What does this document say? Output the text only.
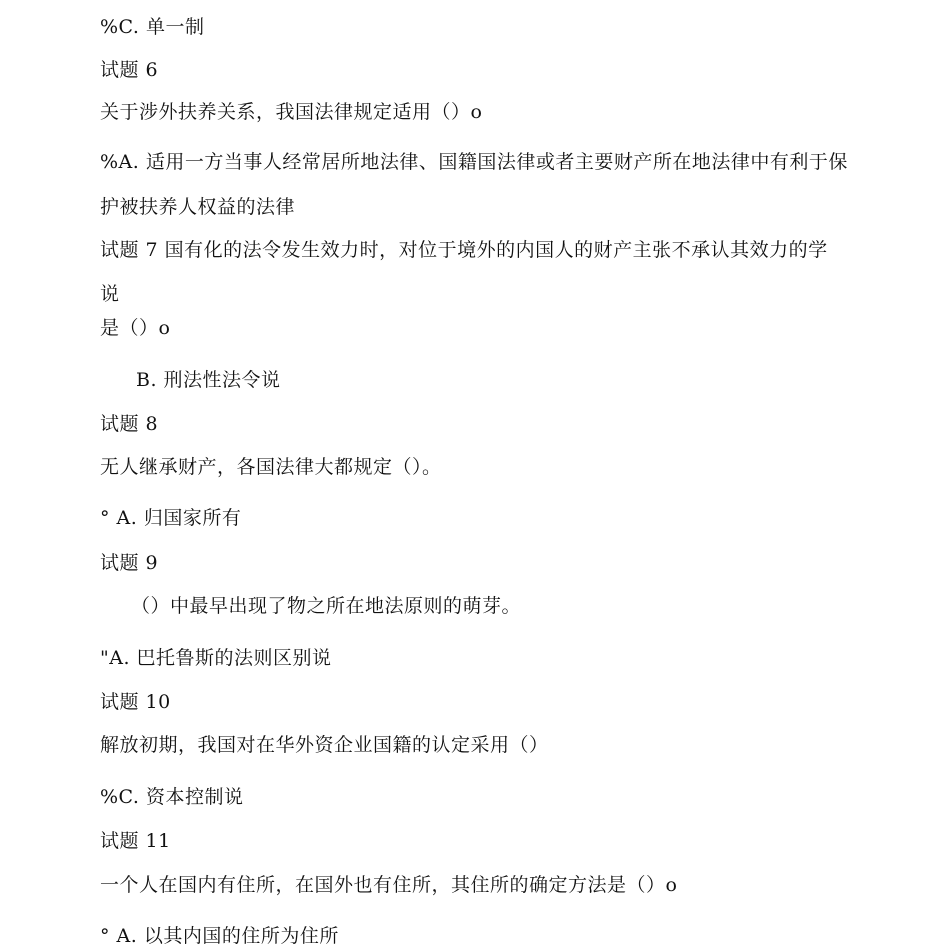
%C. 单一制
试题 6
关于涉外扶养关系，我国法律规定适用（）o
%A. 适用一方当事人经常居所地法律、国籍国法律或者主要财产所在地法律中有利于保
护被扶养人权益的法律
试题 7 国有化的法令发生效力时，对位于境外的内国人的财产主张不承认其效力的学
说
是（）o
B. 刑法性法令说
试题 8
无人继承财产，各国法律大都规定（）。
° A. 归国家所有
试题 9
（）中最早出现了物之所在地法原则的萌芽。
"A. 巴托鲁斯的法则区别说
试题 10
解放初期，我国对在华外资企业国籍的认定采用（）
%C. 资本控制说
试题 11
一个人在国内有住所，在国外也有住所，其住所的确定方法是（）o
° A. 以其内国的住所为住所
